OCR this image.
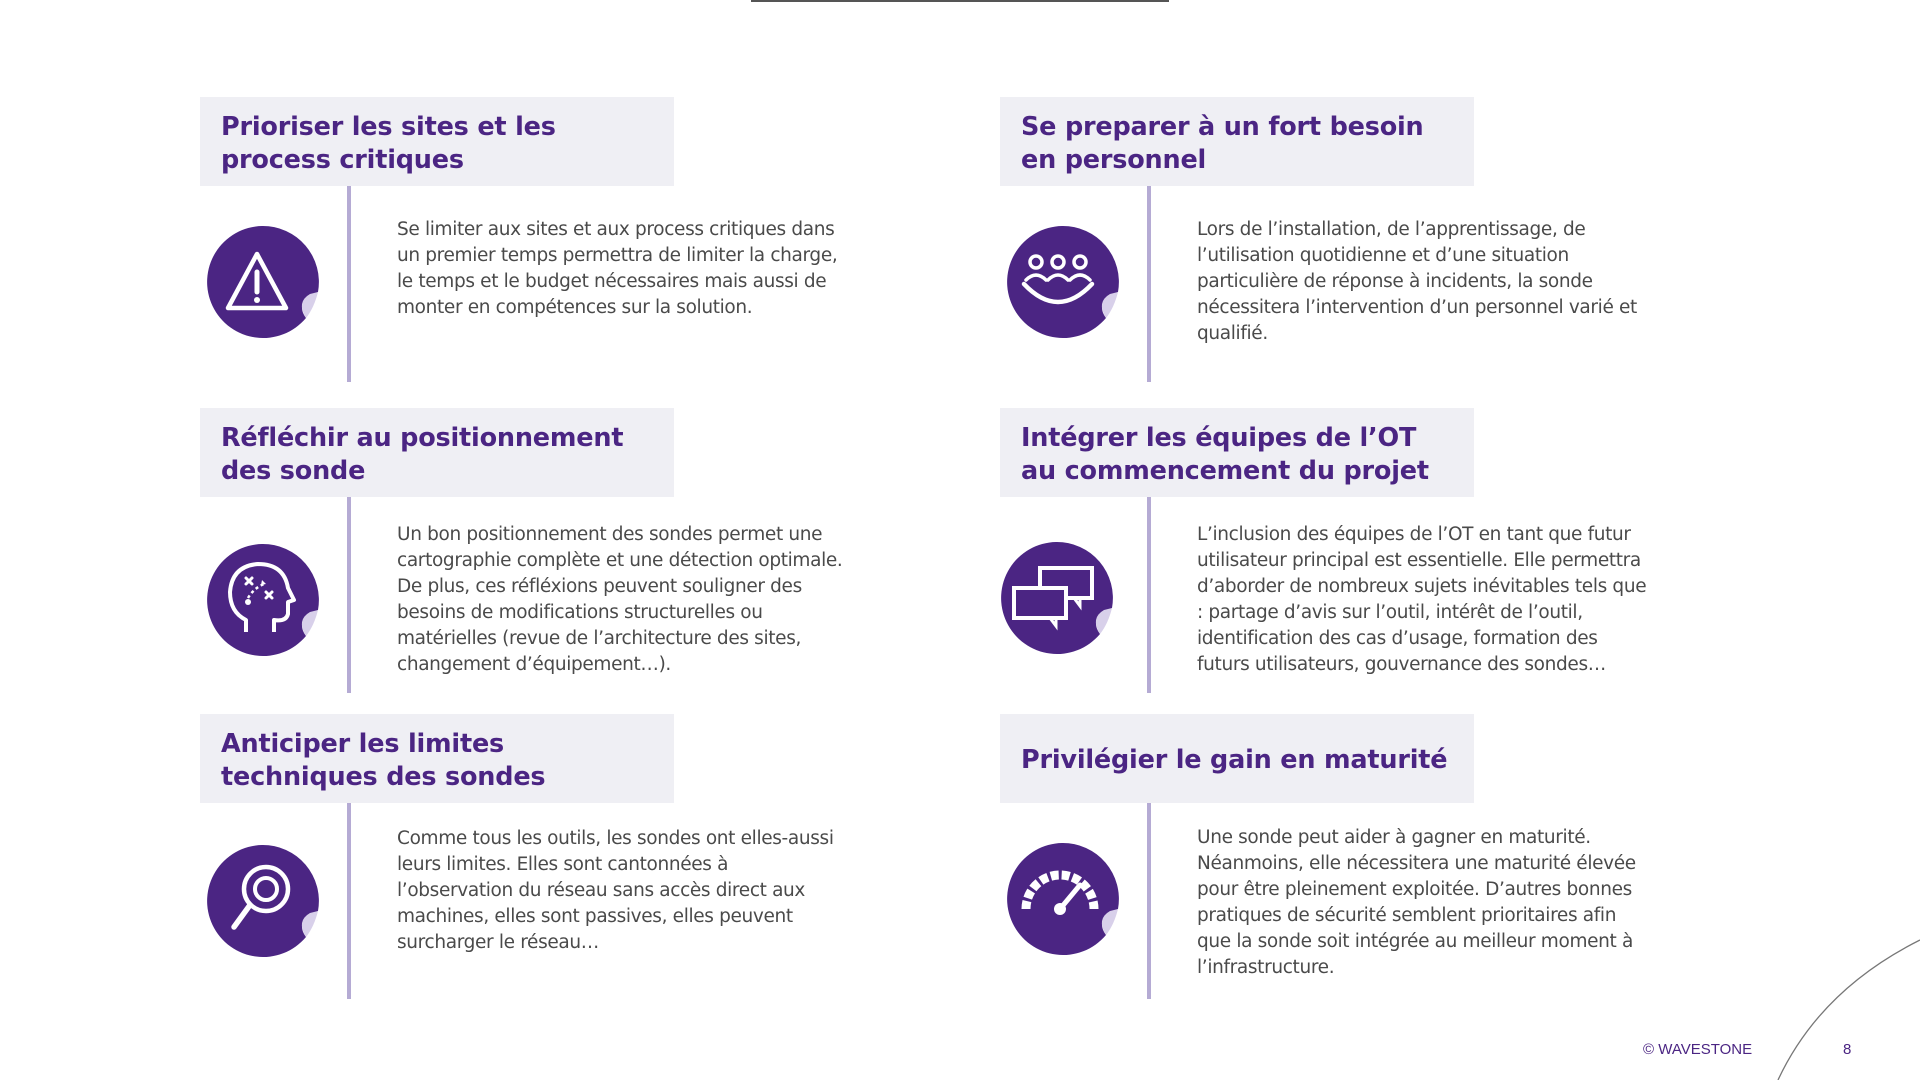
Prioriser les sites et les process critiques
Se limiter aux sites et aux process critiques dans un premier temps permettra de limiter la charge, le temps et le budget nécessaires mais aussi de monter en compétences sur la solution.
Se preparer à un fort besoin en personnel
Lors de l’installation, de l’apprentissage, de l’utilisation quotidienne et d’une situation particulière de réponse à incidents, la sonde nécessitera l’intervention d’un personnel varié et qualifié.
Réfléchir au positionnement des sonde
Un bon positionnement des sondes permet une cartographie complète et une détection optimale. De plus, ces réfléxions peuvent souligner des besoins de modifications structurelles ou matérielles (revue de l’architecture des sites, changement d’équipement…).
Intégrer les équipes de l’OT au commencement du projet
L’inclusion des équipes de l’OT en tant que futur utilisateur principal est essentielle. Elle permettra d’aborder de nombreux sujets inévitables tels que : partage d’avis sur l’outil, intérêt de l’outil, identification des cas d’usage, formation des futurs utilisateurs, gouvernance des sondes…
Anticiper les limites techniques des sondes
Comme tous les outils, les sondes ont elles-aussi leurs limites. Elles sont cantonnées à l’observation du réseau sans accès direct aux machines, elles sont passives, elles peuvent surcharger le réseau…
Privilégier le gain en maturité
Une sonde peut aider à gagner en maturité. Néanmoins, elle nécessitera une maturité élevée pour être pleinement exploitée. D’autres bonnes pratiques de sécurité semblent prioritaires afin que la sonde soit intégrée au meilleur moment à l’infrastructure.
© WAVESTONE	8
